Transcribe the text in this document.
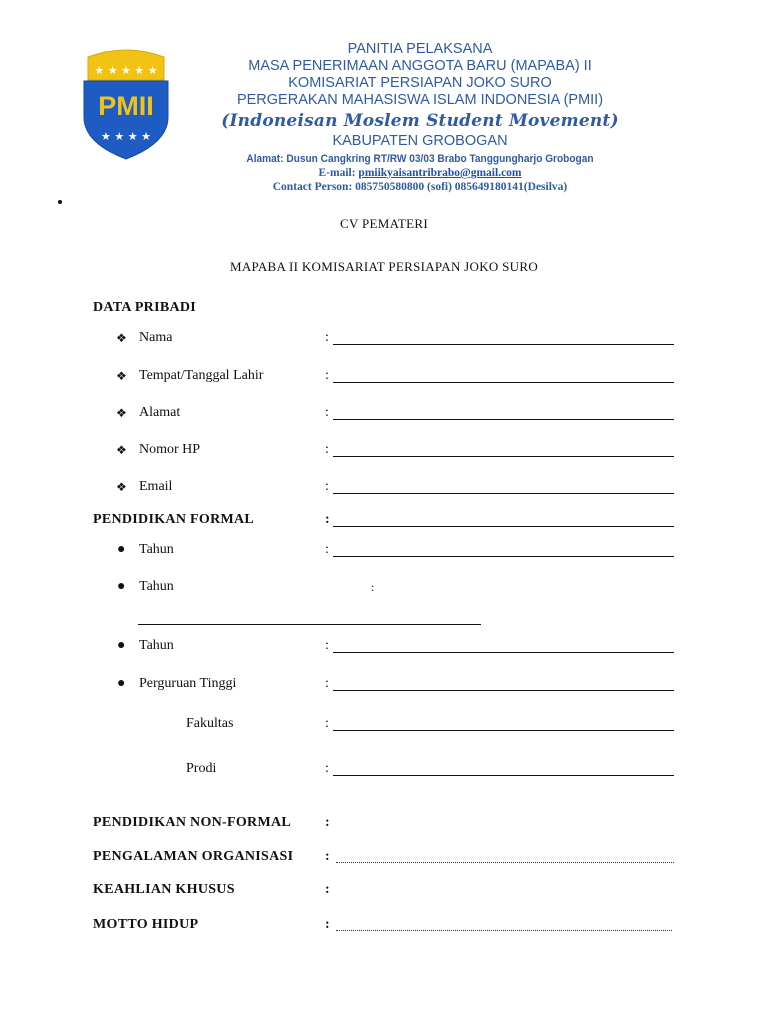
★ ★ ★ ★ ★
PMII
★ ★ ★ ★
PANITIA PELAKSANA
MASA PENERIMAAN ANGGOTA BARU (MAPABA) II
KOMISARIAT PERSIAPAN JOKO SURO
PERGERAKAN MAHASISWA ISLAM INDONESIA (PMII)
(Indoneisan Moslem Student Movement)
KABUPATEN GROBOGAN
Alamat: Dusun Cangkring RT/RW 03/03 Brabo Tanggungharjo Grobogan
E-mail: pmiikyaisantribrabo@gmail.com
Contact Person: 085750580800 (sofi) 085649180141(Desilva)
CV PEMATERI
MAPABA II KOMISARIAT PERSIAPAN JOKO SURO
DATA PRIBADI
❖ Nama	:
❖ Tempat/Tanggal Lahir	:
❖ Alamat	:
❖ Nomor HP	:
❖ Email	:
PENDIDIKAN FORMAL	:
● Tahun	:
● Tahun	:
● Tahun	:
● Perguruan Tinggi	:
Fakultas	:
Prodi	:
PENDIDIKAN NON-FORMAL :
PENGALAMAN ORGANISASI :
KEAHLIAN KHUSUS	:
MOTTO HIDUP	:
